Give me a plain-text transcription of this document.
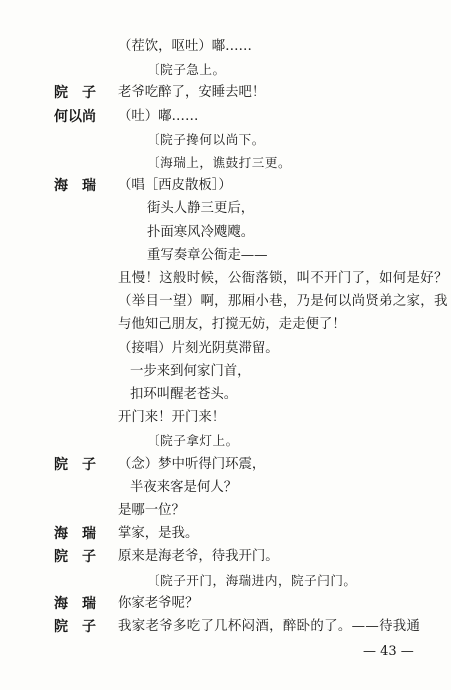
（茬饮，呕吐）嘟……
〔院子急上。
院　子	老爷吃醉了，安睡去吧！
何以尚	（吐）嘟……
〔院子搀何以尚下。
〔海瑞上，谯鼓打三更。
海　瑞	（唱［西皮散板］）
街头人静三更后，
扑面寒风冷飕飕。
重写奏章公衙走——
且慢！这般时候，公衙落锁，叫不开门了，如何是好？
（举目一望）啊，那厢小巷，乃是何以尚贤弟之家，我
与他知己朋友，打搅无妨，走走便了！
（接唱）片刻光阴莫滞留。
一步来到何家门首，
扣环叫醒老苍头。
开门来！开门来！
〔院子拿灯上。
院　子	（念）梦中听得门环震，
半夜来客是何人？
是哪一位？
海　瑞	掌家，是我。
院　子	原来是海老爷，待我开门。
〔院子开门，海瑞进内，院子闩门。
海　瑞	你家老爷呢？
院　子	我家老爷多吃了几杯闷酒，醉卧的了。——待我通
— 43 —
